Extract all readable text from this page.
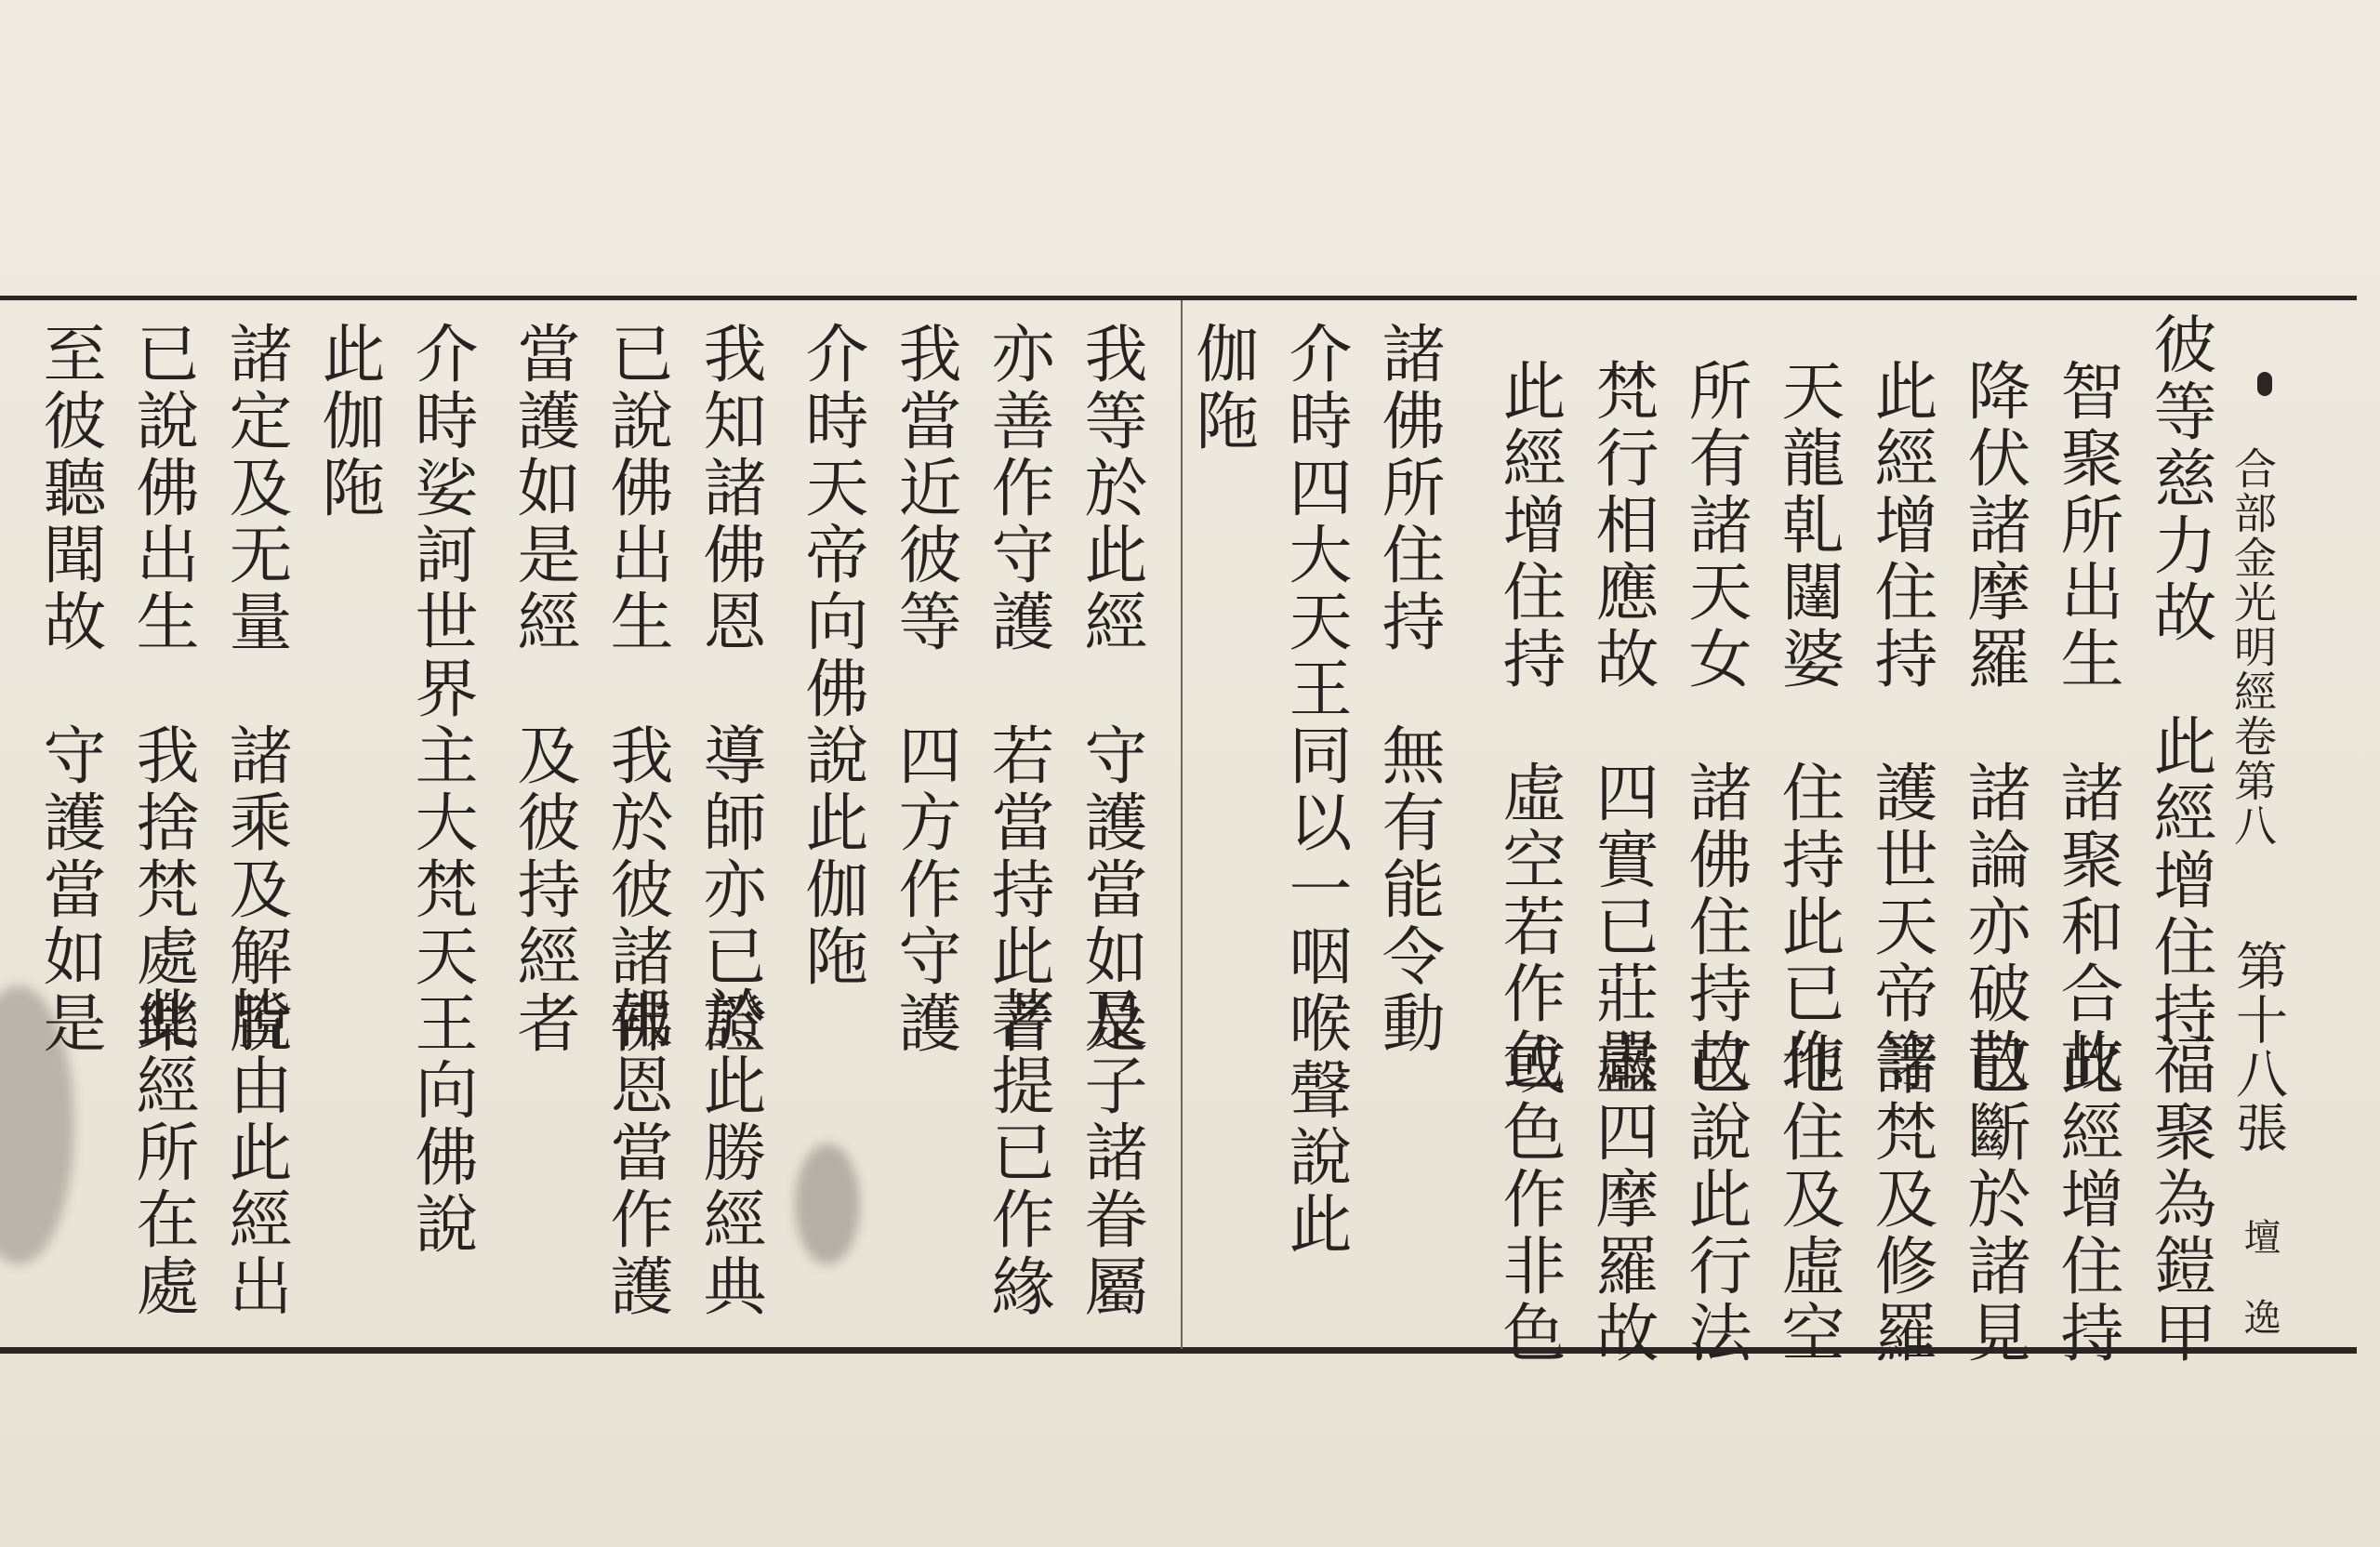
合部金光明經卷第八
第十八張
壇 𨓜
彼等慈力故　此經增住持
福聚為鎧甲
智聚所出生　諸聚和合故
降伏諸摩羅　諸論亦破散
已斷於諸見
此經增住持　護世天帝等
諸梵及修羅
天龍乹闥婆　住持此已作
地住及虛空
所有諸天女　諸佛住持故
已說此行法
梵行相應故　四實已莊嚴
盡四摩羅故
此經增住持　虛空若作色
或色作非色
諸佛所住持　無有能令動
介時四大天王同以一咽喉聲說此
伽陁
我等於此經　守護當如是
及子諸眷屬
亦善作守護　若當持此者
菩提已作緣
我當近彼等　四方作守護
介時天帝向佛說此伽陁
我知諸佛恩　導師亦已證
於此勝經典
已說佛出生　我於彼諸佛
報恩當作護
當護如是經　及彼持經者
介時娑訶世界主大梵天王向佛說
此伽陁
諸定及无量　諸乘及解脫
皆由此經出
已說佛出生　我捨梵處樂
此經所在處
至彼聽聞故　守護當如是
此經增住持
